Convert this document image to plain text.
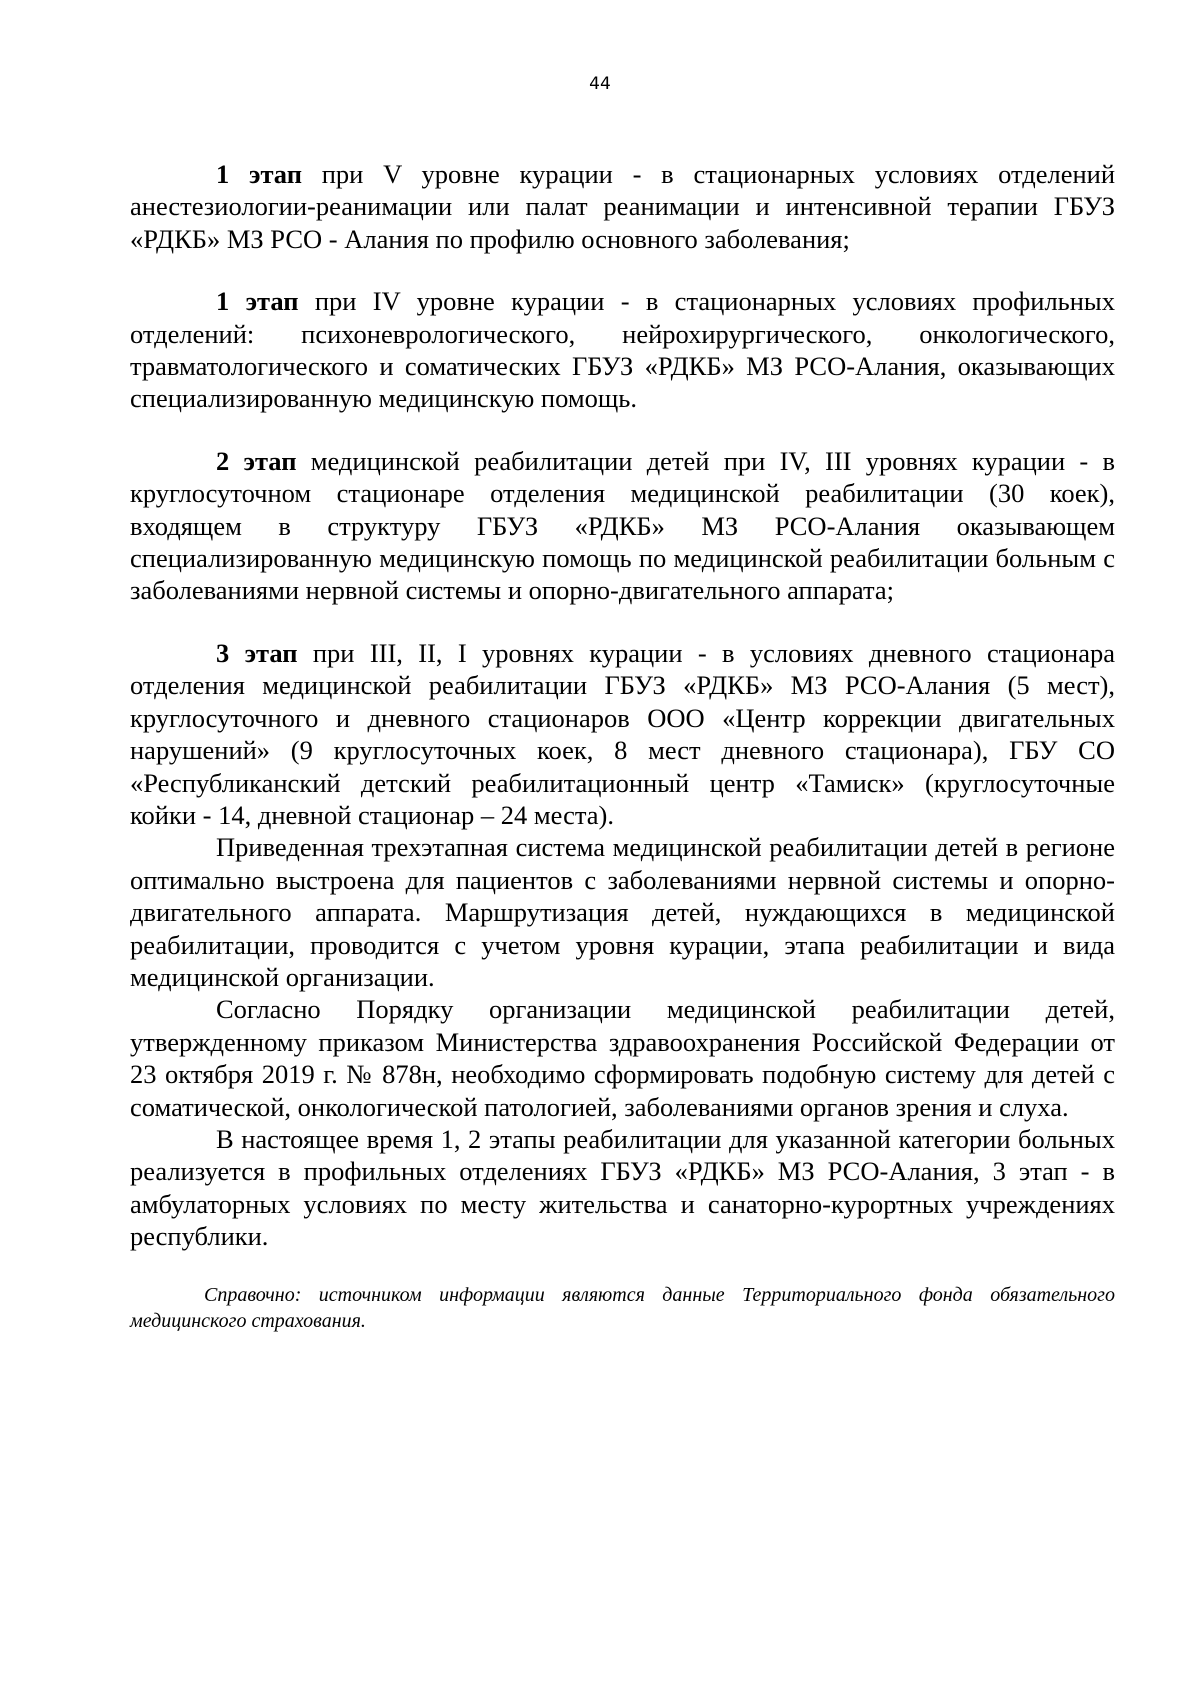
44

1 этап при V уровне курации - в стационарных условиях отделений анестезиологии-реанимации или палат реанимации и интенсивной терапии ГБУЗ «РДКБ» МЗ РСО - Алания по профилю основного заболевания;

1 этап при IV уровне курации - в стационарных условиях профильных отделений: психоневрологического, нейрохирургического, онкологического, травматологического и соматических ГБУЗ «РДКБ» МЗ РСО-Алания, оказывающих специализированную медицинскую помощь.

2 этап медицинской реабилитации детей при IV, III уровнях курации - в круглосуточном стационаре отделения медицинской реабилитации (30 коек), входящем в структуру ГБУЗ «РДКБ» МЗ РСО-Алания оказывающем специализированную медицинскую помощь по медицинской реабилитации больным с заболеваниями нервной системы и опорно-двигательного аппарата;

3 этап при III, II, I уровнях курации - в условиях дневного стационара отделения медицинской реабилитации ГБУЗ «РДКБ» МЗ РСО-Алания (5 мест), круглосуточного и дневного стационаров ООО «Центр коррекции двигательных нарушений» (9 круглосуточных коек, 8 мест дневного стационара), ГБУ СО «Республиканский детский реабилитационный центр «Тамиск» (круглосуточные койки - 14, дневной стационар – 24 места).

Приведенная трехэтапная система медицинской реабилитации детей в регионе оптимально выстроена для пациентов с заболеваниями нервной системы и опорно-двигательного аппарата. Маршрутизация детей, нуждающихся в медицинской реабилитации, проводится с учетом уровня курации, этапа реабилитации и вида медицинской организации.

Согласно Порядку организации медицинской реабилитации детей, утвержденному приказом Министерства здравоохранения Российской Федерации от 23 октября 2019 г. № 878н, необходимо сформировать подобную систему для детей с соматической, онкологической патологией, заболеваниями органов зрения и слуха.

В настоящее время 1, 2 этапы реабилитации для указанной категории больных реализуется в профильных отделениях ГБУЗ «РДКБ» МЗ РСО-Алания, 3 этап - в амбулаторных условиях по месту жительства и санаторно-курортных учреждениях республики.

Справочно: источником информации являются данные Территориального фонда обязательного медицинского страхования.
